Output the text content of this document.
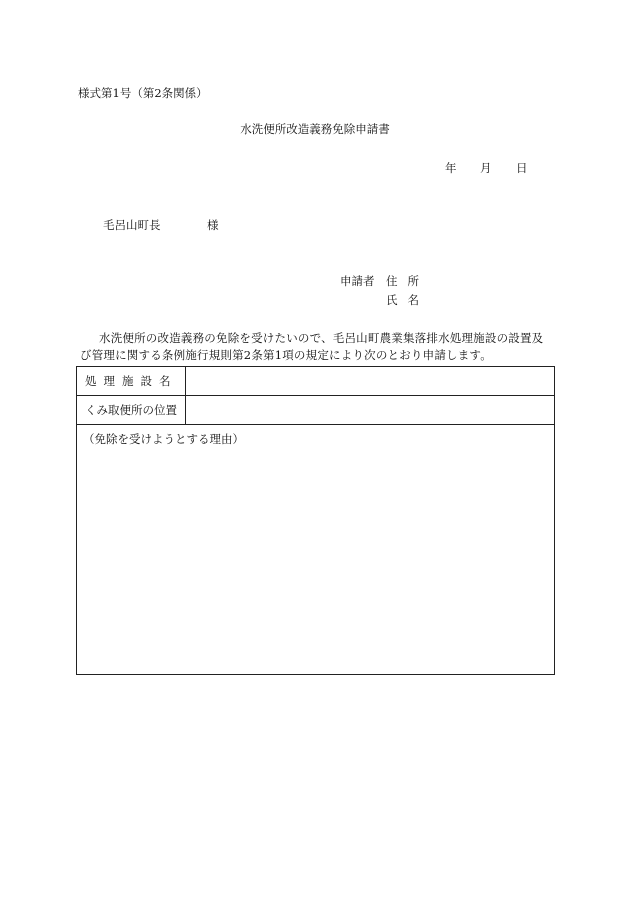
様式第1号（第2条関係）
水洗便所改造義務免除申請書
年 月 日
毛呂山町長	様
申請者 住所
氏名
水洗便所の改造義務の免除を受けたいので、毛呂山町農業集落排水処理施設の設置及
び管理に関する条例施行規則第2条第1項の規定により次のとおり申請します。
処理施設名
くみ取便所の位置
（免除を受けようとする理由）
